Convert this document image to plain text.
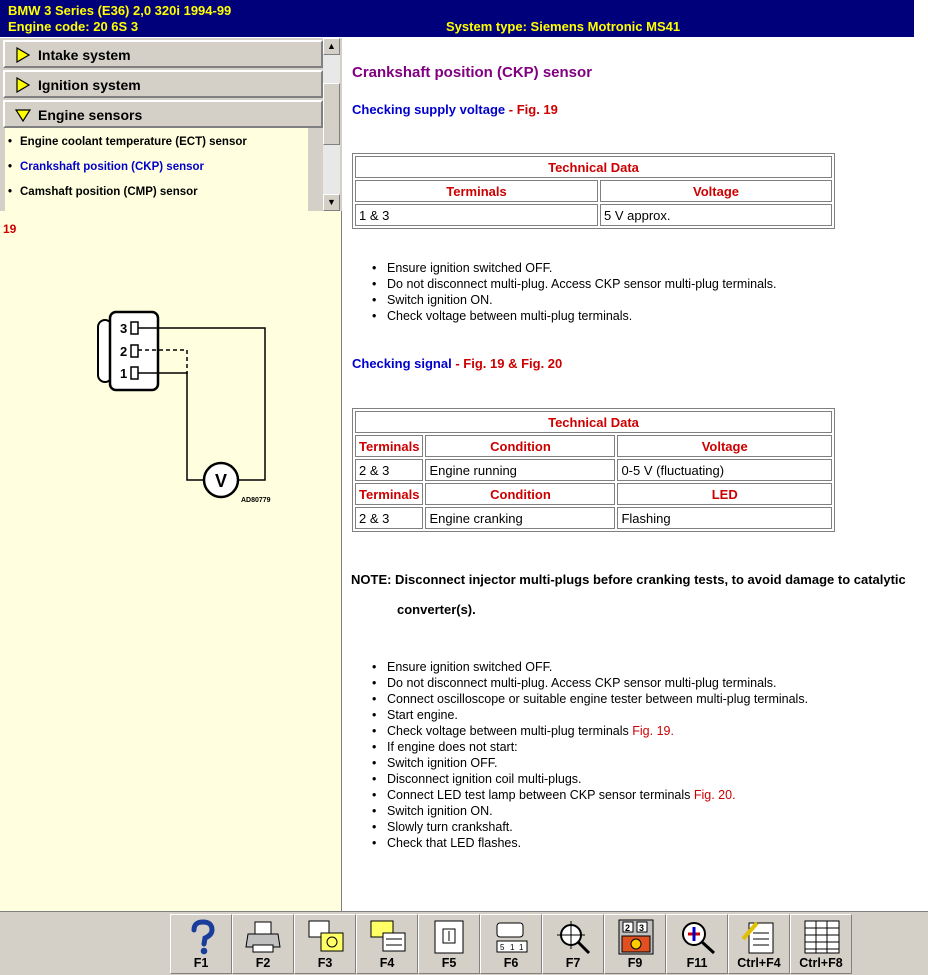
BMW 3 Series (E36) 2,0 320i 1994-99
Engine code: 20 6S 3	System type: Siemens Motronic MS41
Intake system
Ignition system
Engine sensors
• Engine coolant temperature (ECT) sensor
• Crankshaft position (CKP) sensor
• Camshaft position (CMP) sensor
▲
▼
19
3
2
1
V
AD80779
Crankshaft position (CKP) sensor
Checking supply voltage - Fig. 19
Technical Data	
Terminals	Voltage
1 & 3	5 V approx.
• Ensure ignition switched OFF.
• Do not disconnect multi-plug. Access CKP sensor multi-plug terminals.
• Switch ignition ON.
• Check voltage between multi-plug terminals.
Checking signal - Fig. 19 & Fig. 20
Technical Data		
Terminals	Condition	Voltage
2 & 3	Engine running	0-5 V (fluctuating)
Terminals	Condition	LED
2 & 3	Engine cranking	Flashing
NOTE: Disconnect injector multi-plugs before cranking tests, to avoid damage to catalytic
converter(s).
• Ensure ignition switched OFF.
• Do not disconnect multi-plug. Access CKP sensor multi-plug terminals.
• Connect oscilloscope or suitable engine tester between multi-plug terminals.
• Start engine.
• Check voltage between multi-plug terminals Fig. 19.
• If engine does not start:
• Switch ignition OFF.
• Disconnect ignition coil multi-plugs.
• Connect LED test lamp between CKP sensor terminals Fig. 20.
• Switch ignition ON.
• Slowly turn crankshaft.
• Check that LED flashes.
F1	F2	F3	F4	F5
5 1 1
F6	F7
2 3
F9	F11	Ctrl+F4	Ctrl+F8
